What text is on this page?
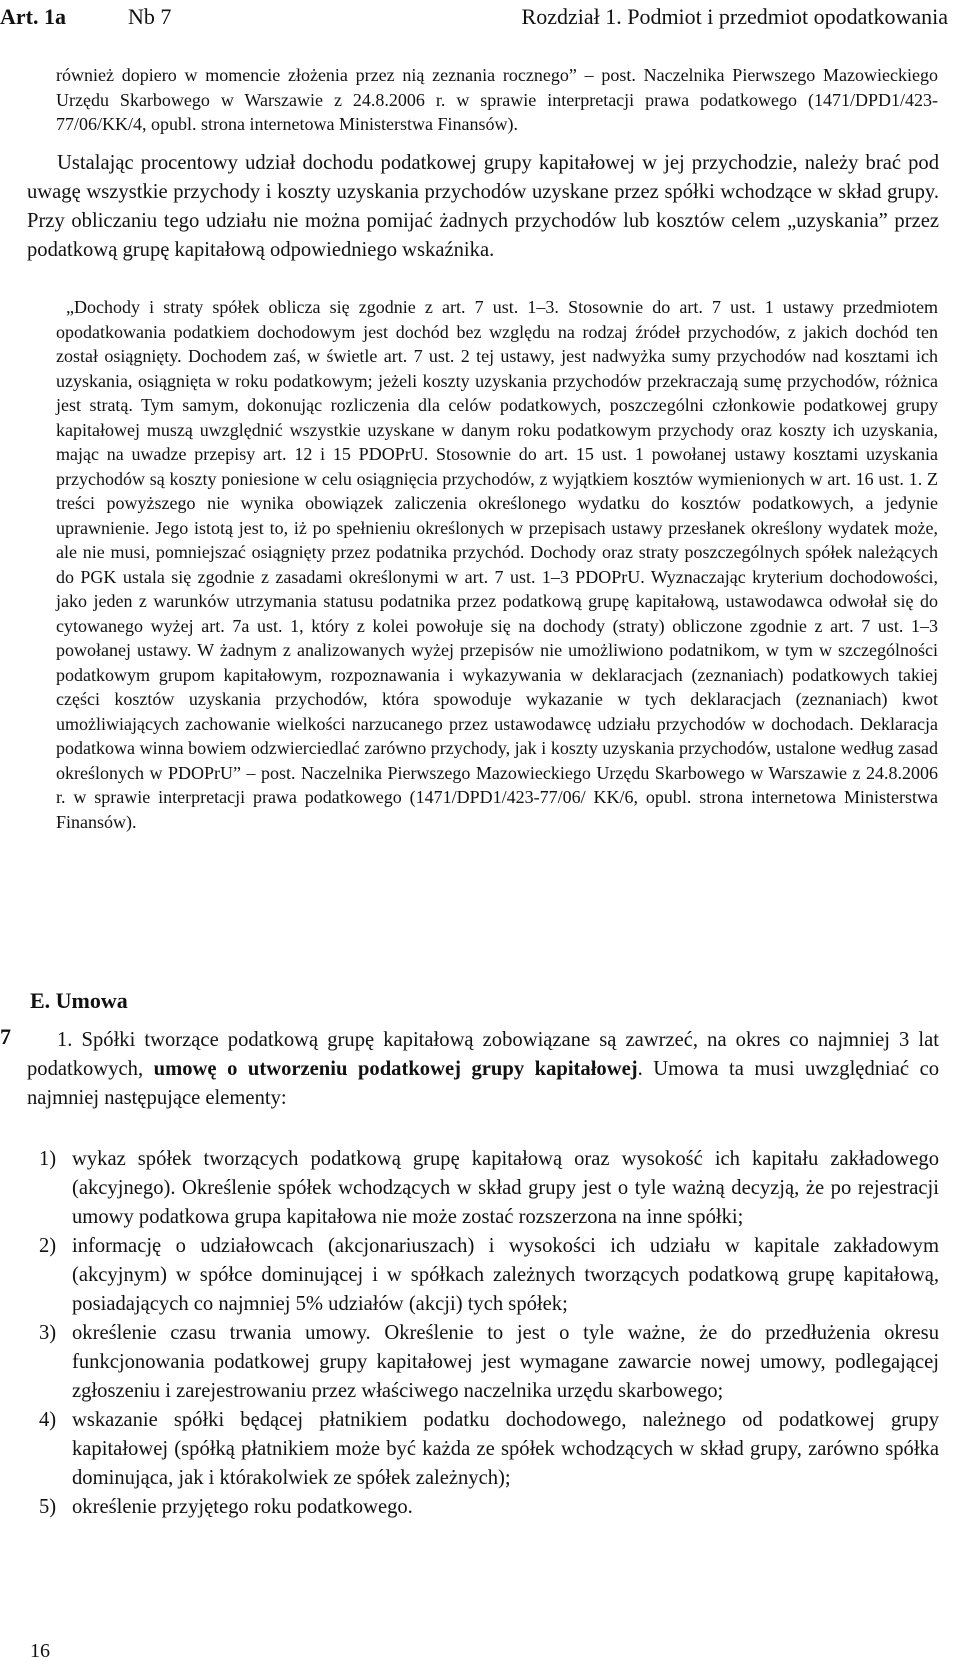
Art. 1a	Nb 7	Rozdział 1. Podmiot i przedmiot opodatkowania

również dopiero w momencie złożenia przez nią zeznania rocznego” – post. Naczelnika Pierwszego Mazowieckiego Urzędu Skarbowego w Warszawie z 24.8.2006 r. w sprawie interpretacji prawa podatkowego (1471/DPD1/423-77/06/KK/4, opubl. strona internetowa Ministerstwa Finansów).

Ustalając procentowy udział dochodu podatkowej grupy kapitałowej w jej przychodzie, należy brać pod uwagę wszystkie przychody i koszty uzyskania przychodów uzyskane przez spółki wchodzące w skład grupy. Przy obliczaniu tego udziału nie można pomijać żadnych przychodów lub kosztów celem „uzyskania” przez podatkową grupę kapitałową odpowiedniego wskaźnika.

„Dochody i straty spółek oblicza się zgodnie z art. 7 ust. 1–3. Stosownie do art. 7 ust. 1 ustawy przedmiotem opodatkowania podatkiem dochodowym jest dochód bez względu na rodzaj źródeł przychodów, z jakich dochód ten został osiągnięty. Dochodem zaś, w świetle art. 7 ust. 2 tej ustawy, jest nadwyżka sumy przychodów nad kosztami ich uzyskania, osiągnięta w roku podatkowym; jeżeli koszty uzyskania przychodów przekraczają sumę przychodów, różnica jest stratą. Tym samym, dokonując rozliczenia dla celów podatkowych, poszczególni członkowie podatkowej grupy kapitałowej muszą uwzględnić wszystkie uzyskane w danym roku podatkowym przychody oraz koszty ich uzyskania, mając na uwadze przepisy art. 12 i 15 PDOPrU. Stosownie do art. 15 ust. 1 powołanej ustawy kosztami uzyskania przychodów są koszty poniesione w celu osiągnięcia przychodów, z wyjątkiem kosztów wymienionych w art. 16 ust. 1. Z treści powyższego nie wynika obowiązek zaliczenia określonego wydatku do kosztów podatkowych, a jedynie uprawnienie. Jego istotą jest to, iż po spełnieniu określonych w przepisach ustawy przesłanek określony wydatek może, ale nie musi, pomniejszać osiągnięty przez podatnika przychód. Dochody oraz straty poszczególnych spółek należących do PGK ustala się zgodnie z zasadami określonymi w art. 7 ust. 1–3 PDOPrU. Wyznaczając kryterium dochodowości, jako jeden z warunków utrzymania statusu podatnika przez podatkową grupę kapitałową, ustawodawca odwołał się do cytowanego wyżej art. 7a ust. 1, który z kolei powołuje się na dochody (straty) obliczone zgodnie z art. 7 ust. 1–3 powołanej ustawy. W żadnym z analizowanych wyżej przepisów nie umożliwiono podatnikom, w tym w szczególności podatkowym grupom kapitałowym, rozpoznawania i wykazywania w deklaracjach (zeznaniach) podatkowych takiej części kosztów uzyskania przychodów, która spowoduje wykazanie w tych deklaracjach (zeznaniach) kwot umożliwiających zachowanie wielkości narzucanego przez ustawodawcę udziału przychodów w dochodach. Deklaracja podatkowa winna bowiem odzwierciedlać zarówno przychody, jak i koszty uzyskania przychodów, ustalone według zasad określonych w PDOPrU” – post. Naczelnika Pierwszego Mazowieckiego Urzędu Skarbowego w Warszawie z 24.8.2006 r. w sprawie interpretacji prawa podatkowego (1471/DPD1/423-77/06/ KK/6, opubl. strona internetowa Ministerstwa Finansów).

E. Umowa
7	1. Spółki tworzące podatkową grupę kapitałową zobowiązane są zawrzeć, na okres co najmniej 3 lat podatkowych, umowę o utworzeniu podatkowej grupy kapitałowej. Umowa ta musi uwzględniać co najmniej następujące elementy:

1) wykaz spółek tworzących podatkową grupę kapitałową oraz wysokość ich kapitału zakładowego (akcyjnego). Określenie spółek wchodzących w skład grupy jest o tyle ważną decyzją, że po rejestracji umowy podatkowa grupa kapitałowa nie może zostać rozszerzona na inne spółki;
2) informację o udziałowcach (akcjonariuszach) i wysokości ich udziału w kapitale zakładowym (akcyjnym) w spółce dominującej i w spółkach zależnych tworzących podatkową grupę kapitałową, posiadających co najmniej 5% udziałów (akcji) tych spółek;
3) określenie czasu trwania umowy. Określenie to jest o tyle ważne, że do przedłużenia okresu funkcjonowania podatkowej grupy kapitałowej jest wymagane zawarcie nowej umowy, podlegającej zgłoszeniu i zarejestrowaniu przez właściwego naczelnika urzędu skarbowego;
4) wskazanie spółki będącej płatnikiem podatku dochodowego, należnego od podatkowej grupy kapitałowej (spółką płatnikiem może być każda ze spółek wchodzących w skład grupy, zarówno spółka dominująca, jak i którakolwiek ze spółek zależnych);
5) określenie przyjętego roku podatkowego.
16
